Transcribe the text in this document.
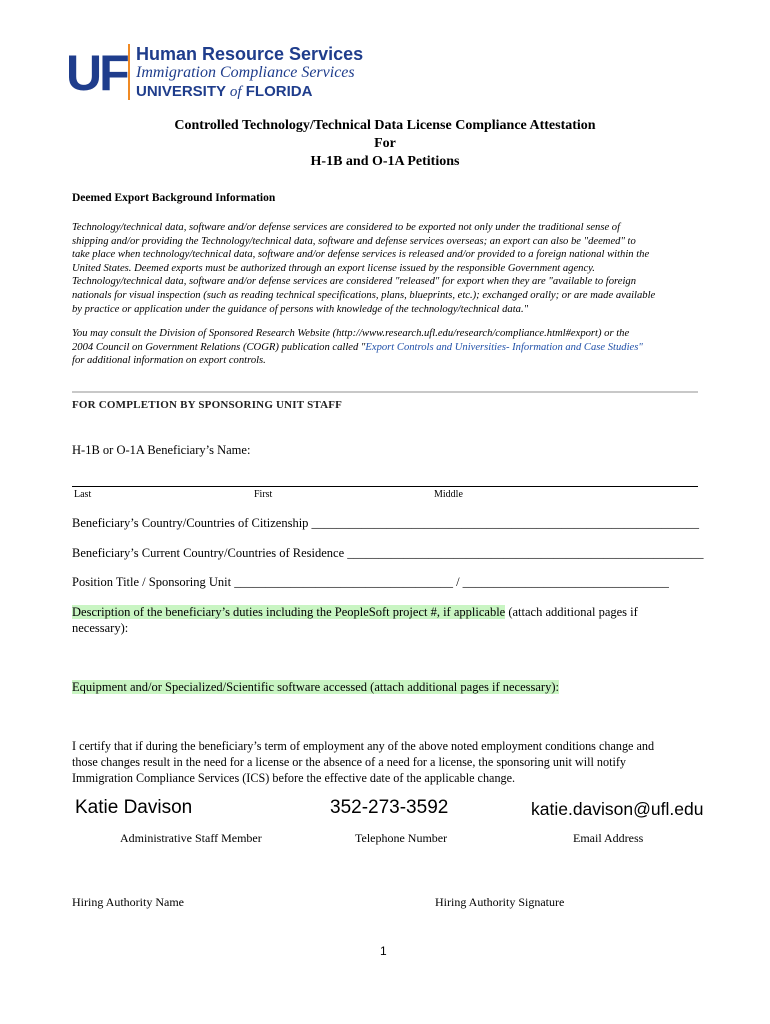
UF Human Resource Services
Immigration Compliance Services
UNIVERSITY of FLORIDA
Controlled Technology/Technical Data License Compliance Attestation
For
H-1B and O-1A Petitions
Deemed Export Background Information
Technology/technical data, software and/or defense services are considered to be exported not only under the traditional sense of
shipping and/or providing the Technology/technical data, software and defense services overseas; an export can also be "deemed" to
take place when technology/technical data, software and/or defense services is released and/or provided to a foreign national within the
United States. Deemed exports must be authorized through an export license issued by the responsible Government agency.
Technology/technical data, software and/or defense services are considered "released" for export when they are "available to foreign
nationals for visual inspection (such as reading technical specifications, plans, blueprints, etc.); exchanged orally; or are made available
by practice or application under the guidance of persons with knowledge of the technology/technical data."
You may consult the Division of Sponsored Research Website (http://www.research.ufl.edu/research/compliance.html#export) or the
2004 Council on Government Relations (COGR) publication called "Export Controls and Universities- Information and Case Studies"
for additional information on export controls.
FOR COMPLETION BY SPONSORING UNIT STAFF
H-1B or O-1A Beneficiary’s Name:
Last	First	Middle
Beneficiary’s Country/Countries of Citizenship ______________________________________________________________
Beneficiary’s Current Country/Countries of Residence _________________________________________________________
Position Title / Sponsoring Unit ___________________________________ / _________________________________
Description of the beneficiary’s duties including the PeopleSoft project #, if applicable (attach additional pages if
necessary):
Equipment and/or Specialized/Scientific software accessed (attach additional pages if necessary):
I certify that if during the beneficiary’s term of employment any of the above noted employment conditions change and
those changes result in the need for a license or the absence of a need for a license, the sponsoring unit will notify
Immigration Compliance Services (ICS) before the effective date of the applicable change.
Katie Davison	352-273-3592	katie.davison@ufl.edu
Administrative Staff Member	Telephone Number	Email Address
Hiring Authority Name	Hiring Authority Signature
1
